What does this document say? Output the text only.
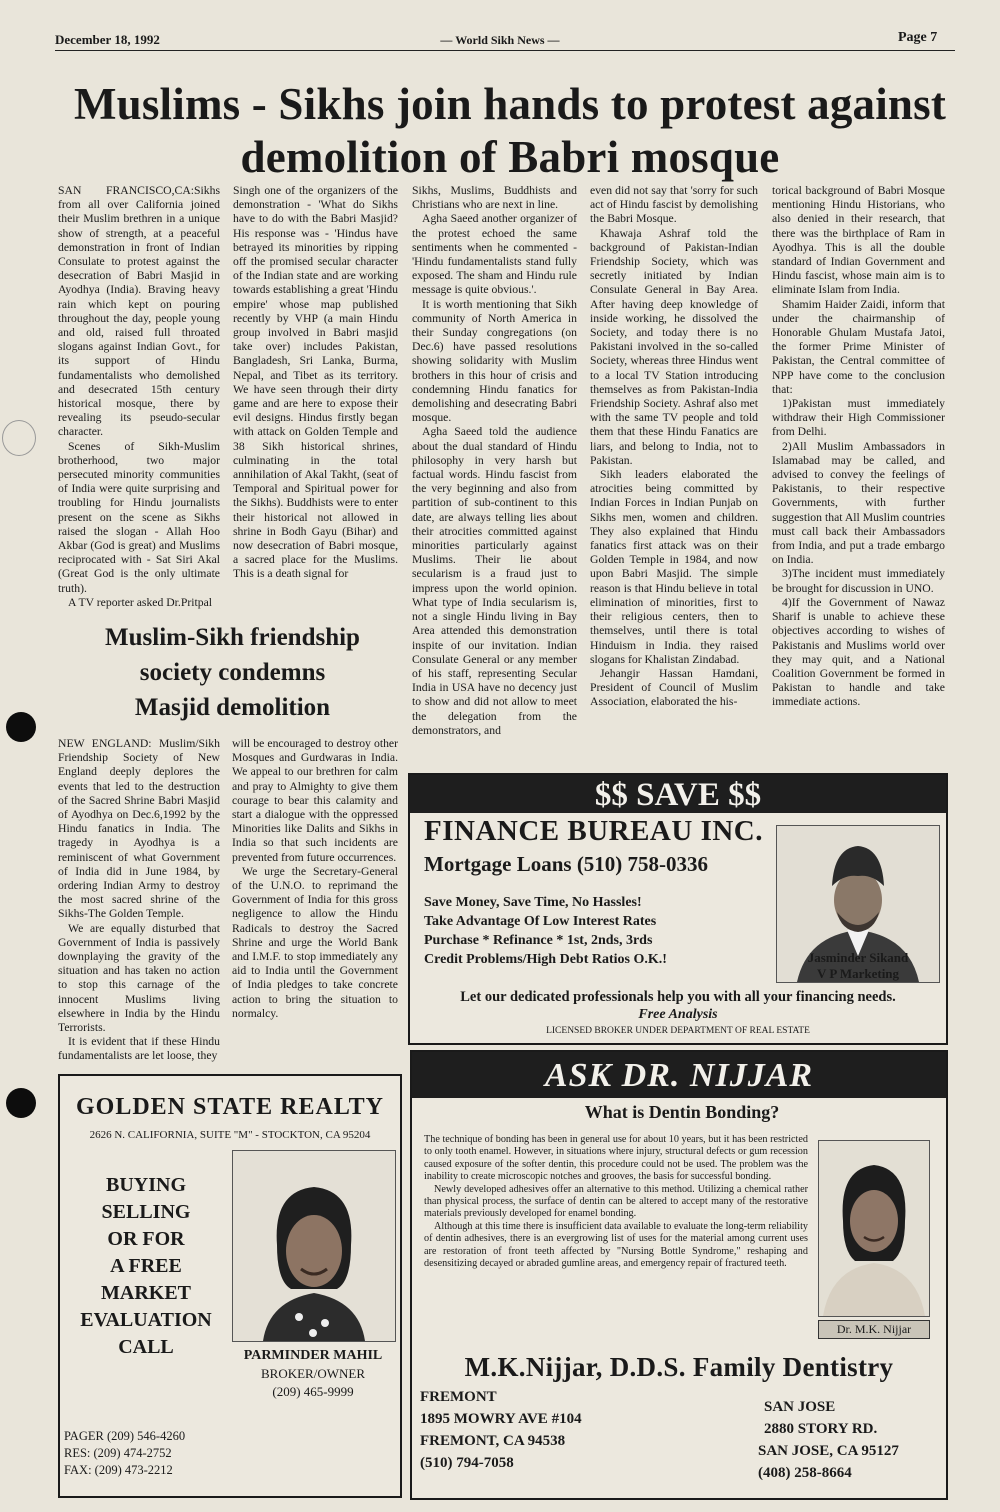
December 18, 1992	— World Sikh News —	Page 7
Muslims - Sikhs join hands to protest against
demolition of Babri mosque

SAN FRANCISCO,CA:Sikhs from all over California joined their Muslim brethren in a unique show of strength, at a peaceful demonstration in front of Indian Consulate to protest against the desecration of Babri Masjid in Ayodhya (India). Braving heavy rain which kept on pouring throughout the day, people young and old, raised full throated slogans against Indian Govt., for its support of Hindu fundamentalists who demolished and desecrated 15th century historical mosque, there by revealing its pseudo-secular character.

Scenes of Sikh-Muslim brotherhood, two major persecuted minority communities of India were quite surprising and troubling for Hindu journalists present on the scene as Sikhs raised the slogan - Allah Hoo Akbar (God is great) and Muslims reciprocated with - Sat Siri Akal (Great God is the only ultimate truth).

A TV reporter asked Dr.Pritpal

Singh one of the organizers of the demonstration - 'What do Sikhs have to do with the Babri Masjid? His response was - 'Hindus have betrayed its minorities by ripping off the promised secular character of the Indian state and are working towards establishing a great 'Hindu empire' whose map published recently by VHP (a main Hindu group involved in Babri masjid take over) includes Pakistan, Bangladesh, Sri Lanka, Burma, Nepal, and Tibet as its territory. We have seen through their dirty game and are here to expose their evil designs. Hindus firstly began with attack on Golden Temple and 38 Sikh historical shrines, culminating in the total annihilation of Akal Takht, (seat of Temporal and Spiritual power for the Sikhs). Buddhists were to enter their historical not allowed in shrine in Bodh Gayu (Bihar) and now desecration of Babri mosque, a sacred place for the Muslims. This is a death signal for

Sikhs, Muslims, Buddhists and Christians who are next in line.

Agha Saeed another organizer of the protest echoed the same sentiments when he commented - 'Hindu fundamentalists stand fully exposed. The sham and Hindu rule message is quite obvious.'.

It is worth mentioning that Sikh community of North America in their Sunday congregations (on Dec.6) have passed resolutions showing solidarity with Muslim brothers in this hour of crisis and condemning Hindu fanatics for demolishing and desecrating Babri mosque.

Agha Saeed told the audience about the dual standard of Hindu philosophy in very harsh but factual words. Hindu fascist from the very beginning and also from partition of sub-continent to this date, are always telling lies about their atrocities committed against minorities particularly against Muslims. Their lie about secularism is a fraud just to impress upon the world opinion. What type of India secularism is, not a single Hindu living in Bay Area attended this demonstration inspite of our invitation. Indian Consulate General or any member of his staff, representing Secular India in USA have no decency just to show and did not allow to meet the delegation from the demonstrators, and

even did not say that 'sorry for such act of Hindu fascist by demolishing the Babri Mosque.

Khawaja Ashraf told the background of Pakistan-Indian Friendship Society, which was secretly initiated by Indian Consulate General in Bay Area. After having deep knowledge of inside working, he dissolved the Society, and today there is no Pakistani involved in the so-called Society, whereas three Hindus went to a local TV Station introducing themselves as from Pakistan-India Friendship Society. Ashraf also met with the same TV people and told them that these Hindu Fanatics are liars, and belong to India, not to Pakistan.

Sikh leaders elaborated the atrocities being committed by Indian Forces in Indian Punjab on Sikhs men, women and children. They also explained that Hindu fanatics first attack was on their Golden Temple in 1984, and now upon Babri Masjid. The simple reason is that Hindu believe in total elimination of minorities, first to their religious centers, then to themselves, until there is total Hinduism in India. they raised slogans for Khalistan Zindabad.

Jehangir Hassan Hamdani, President of Council of Muslim Association, elaborated the his-

torical background of Babri Mosque mentioning Hindu Historians, who also denied in their research, that there was the birthplace of Ram in Ayodhya. This is all the double standard of Indian Government and Hindu fascist, whose main aim is to eliminate Islam from India.

Shamim Haider Zaidi, inform that under the chairmanship of Honorable Ghulam Mustafa Jatoi, the former Prime Minister of Pakistan, the Central committee of NPP have come to the conclusion that:

1)Pakistan must immediately withdraw their High Commissioner from Delhi.

2)All Muslim Ambassadors in Islamabad may be called, and advised to convey the feelings of Pakistanis, to their respective Governments, with further suggestion that All Muslim countries must call back their Ambassadors from India, and put a trade embargo on India.

3)The incident must immediately be brought for discussion in UNO.

4)If the Government of Nawaz Sharif is unable to achieve these objectives according to wishes of Pakistanis and Muslims world over they may quit, and a National Coalition Government be formed in Pakistan to handle and take immediate actions.

Muslim-Sikh friendship
society condemns
Masjid demolition

NEW ENGLAND: Muslim/Sikh Friendship Society of New England deeply deplores the events that led to the destruction of the Sacred Shrine Babri Masjid of Ayodhya on Dec.6,1992 by the Hindu fanatics in India. The tragedy in Ayodhya is a reminiscent of what Government of India did in June 1984, by ordering Indian Army to destroy the most sacred shrine of the Sikhs-The Golden Temple.

We are equally disturbed that Government of India is passively downplaying the gravity of the situation and has taken no action to stop this carnage of the innocent Muslims living elsewhere in India by the Hindu Terrorists.

It is evident that if these Hindu fundamentalists are let loose, they

will be encouraged to destroy other Mosques and Gurdwaras in India. We appeal to our brethren for calm and pray to Almighty to give them courage to bear this calamity and start a dialogue with the oppressed Minorities like Dalits and Sikhs in India so that such incidents are prevented from future occurrences.

We urge the Secretary-General of the U.N.O. to reprimand the Government of India for this gross negligence to allow the Hindu Radicals to destroy the Sacred Shrine and urge the World Bank and I.M.F. to stop immediately any aid to India until the Government of India pledges to take concrete action to bring the situation to normalcy.

$$ SAVE $$
FINANCE BUREAU INC.
Mortgage Loans (510) 758-0336
Save Money, Save Time, No Hassles!
Take Advantage Of Low Interest Rates
Purchase * Refinance * 1st, 2nds, 3rds
Credit Problems/High Debt Ratios O.K.!	Jasminder Sikand
V P Marketing
Let our dedicated professionals help you with all your financing needs.
Free Analysis
LICENSED BROKER UNDER DEPARTMENT OF REAL ESTATE
GOLDEN STATE REALTY
2626 N. CALIFORNIA, SUITE "M" - STOCKTON, CA 95204
BUYING
SELLING
OR FOR
A FREE
MARKET
EVALUATION
CALL	PARMINDER MAHIL
BROKER/OWNER
(209) 465-9999
PAGER (209) 546-4260
RES: (209) 474-2752
FAX: (209) 473-2212
ASK DR. NIJJAR
What is Dentin Bonding?

The technique of bonding has been in general use for about 10 years, but it has been restricted to only tooth enamel. However, in situations where injury, structural defects or gum recession caused exposure of the softer dentin, this procedure could not be used. The problem was the inability to create microscopic notches and grooves, the basis for successful bonding.

Newly developed adhesives offer an alternative to this method. Utilizing a chemical rather than physical process, the surface of dentin can be altered to accept many of the restorative materials previously developed for enamel bonding.

Although at this time there is insufficient data available to evaluate the long-term reliability of dentin adhesives, there is an evergrowing list of uses for the material among current uses are restoration of front teeth affected by "Nursing Bottle Syndrome," reshaping and desensitizing decayed or abraded gumline areas, and emergency repair of fractured teeth.

Dr. M.K. Nijjar
M.K.Nijjar, D.D.S. Family Dentistry
FREMONT
1895 MOWRY AVE #104
FREMONT, CA 94538
(510) 794-7058
SAN JOSE
2880 STORY RD.
SAN JOSE, CA 95127
(408) 258-8664
